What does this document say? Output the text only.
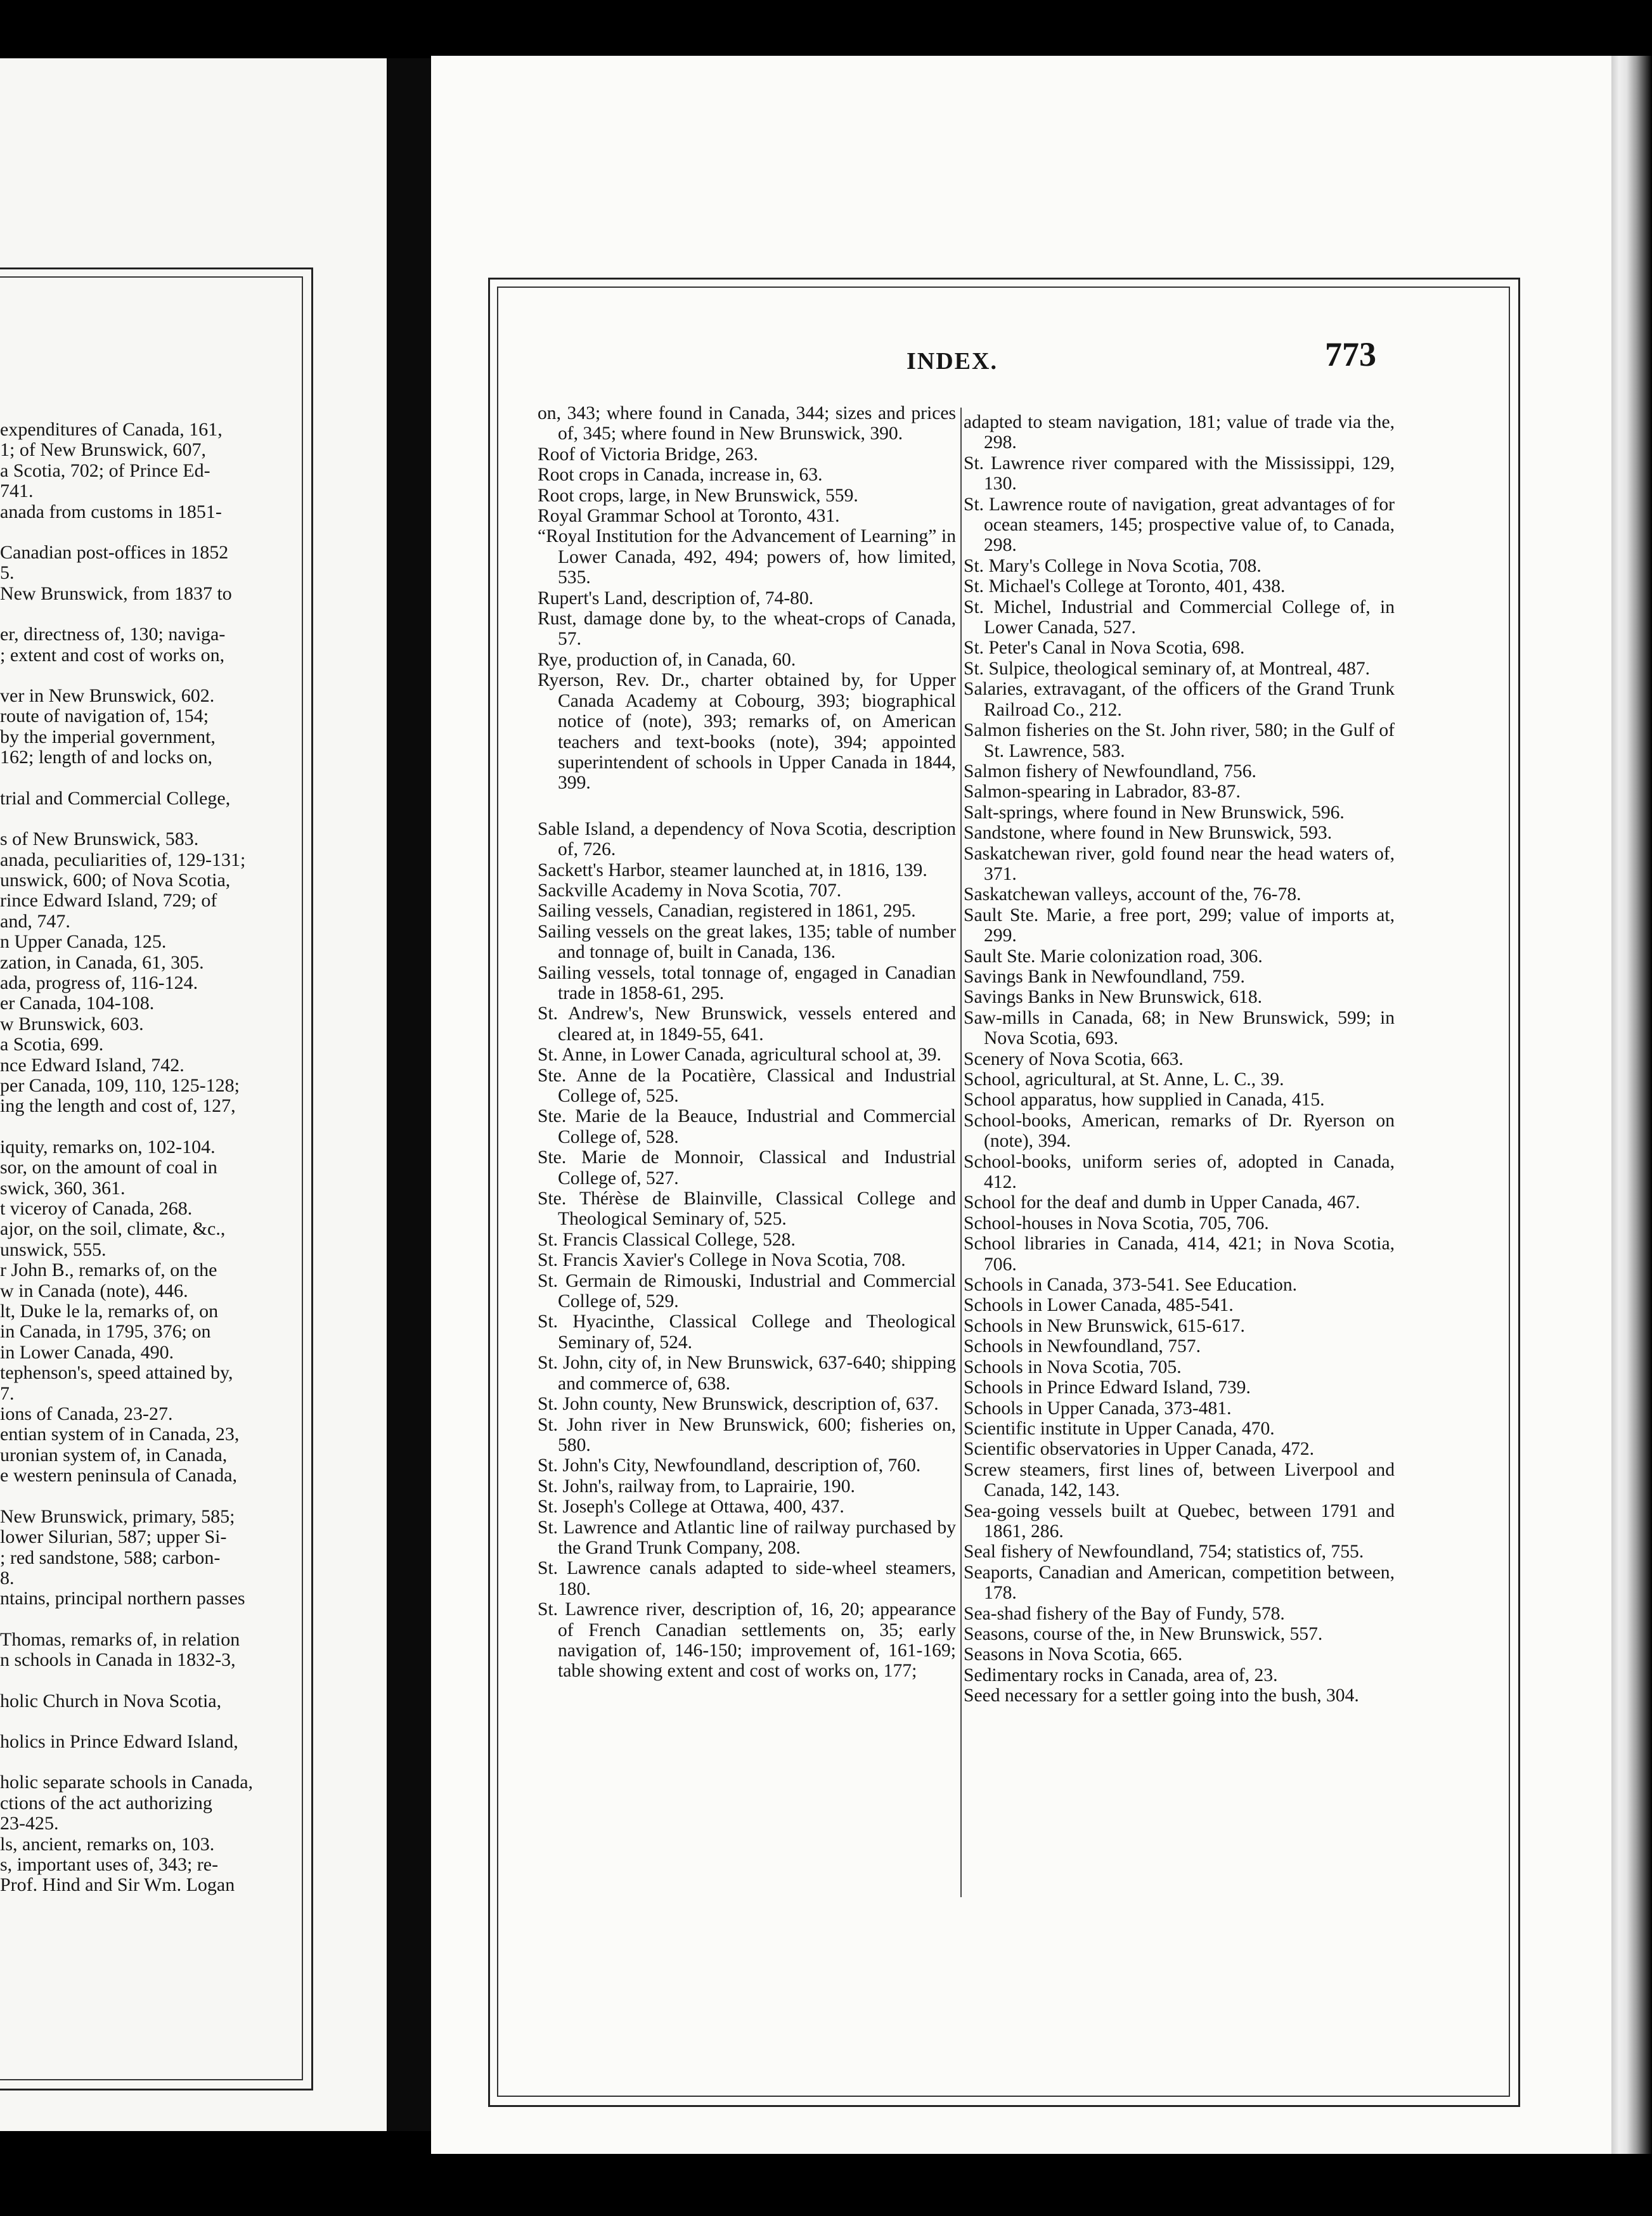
expenditures of Canada, 161,
1; of New Brunswick, 607,
a Scotia, 702; of Prince Ed-
741.
anada from customs in 1851-
Canadian post-offices in 1852
5.
New Brunswick, from 1837 to
er, directness of, 130; naviga-
; extent and cost of works on,
ver in New Brunswick, 602.
route of navigation of, 154;
by the imperial government,
162; length of and locks on,
trial and Commercial College,
s of New Brunswick, 583.
anada, peculiarities of, 129-131;
unswick, 600; of Nova Scotia,
rince Edward Island, 729; of
and, 747.
n Upper Canada, 125.
zation, in Canada, 61, 305.
ada, progress of, 116-124.
er Canada, 104-108.
w Brunswick, 603.
a Scotia, 699.
nce Edward Island, 742.
per Canada, 109, 110, 125-128;
ing the length and cost of, 127,
iquity, remarks on, 102-104.
sor, on the amount of coal in
swick, 360, 361.
t viceroy of Canada, 268.
ajor, on the soil, climate, &c.,
unswick, 555.
r John B., remarks of, on the
w in Canada (note), 446.
lt, Duke le la, remarks of, on
in Canada, in 1795, 376; on
in Lower Canada, 490.
tephenson's, speed attained by,
7.
ions of Canada, 23-27.
entian system of in Canada, 23,
uronian system of, in Canada,
e western peninsula of Canada,
New Brunswick, primary, 585;
lower Silurian, 587; upper Si-
; red sandstone, 588; carbon-
8.
ntains, principal northern passes
Thomas, remarks of, in relation
n schools in Canada in 1832-3,
holic Church in Nova Scotia,
holics in Prince Edward Island,
holic separate schools in Canada,
ctions of the act authorizing
23-425.
ls, ancient, remarks on, 103.
s, important uses of, 343; re-
Prof. Hind and Sir Wm. Logan
INDEX.	773
on, 343; where found in Canada, 344; sizes and prices of, 345; where found in New Brunswick, 390.
Roof of Victoria Bridge, 263.
Root crops in Canada, increase in, 63.
Root crops, large, in New Brunswick, 559.
Royal Grammar School at Toronto, 431.
“Royal Institution for the Advancement of Learning” in Lower Canada, 492, 494; powers of, how limited, 535.
Rupert's Land, description of, 74-80.
Rust, damage done by, to the wheat-crops of Canada, 57.
Rye, production of, in Canada, 60.
Ryerson, Rev. Dr., charter obtained by, for Upper Canada Academy at Cobourg, 393; biographical notice of (note), 393; remarks of, on American teachers and text-books (note), 394; appointed superintendent of schools in Upper Canada in 1844, 399.
Sable Island, a dependency of Nova Scotia, description of, 726.
Sackett's Harbor, steamer launched at, in 1816, 139.
Sackville Academy in Nova Scotia, 707.
Sailing vessels, Canadian, registered in 1861, 295.
Sailing vessels on the great lakes, 135; table of number and tonnage of, built in Canada, 136.
Sailing vessels, total tonnage of, engaged in Canadian trade in 1858-61, 295.
St. Andrew's, New Brunswick, vessels entered and cleared at, in 1849-55, 641.
St. Anne, in Lower Canada, agricultural school at, 39.
Ste. Anne de la Pocatière, Classical and Industrial College of, 525.
Ste. Marie de la Beauce, Industrial and Commercial College of, 528.
Ste. Marie de Monnoir, Classical and Industrial College of, 527.
Ste. Thérèse de Blainville, Classical College and Theological Seminary of, 525.
St. Francis Classical College, 528.
St. Francis Xavier's College in Nova Scotia, 708.
St. Germain de Rimouski, Industrial and Commercial College of, 529.
St. Hyacinthe, Classical College and Theological Seminary of, 524.
St. John, city of, in New Brunswick, 637-640; shipping and commerce of, 638.
St. John county, New Brunswick, description of, 637.
St. John river in New Brunswick, 600; fisheries on, 580.
St. John's City, Newfoundland, description of, 760.
St. John's, railway from, to Laprairie, 190.
St. Joseph's College at Ottawa, 400, 437.
St. Lawrence and Atlantic line of railway purchased by the Grand Trunk Company, 208.
St. Lawrence canals adapted to side-wheel steamers, 180.
St. Lawrence river, description of, 16, 20; appearance of French Canadian settlements on, 35; early navigation of, 146-150; improvement of, 161-169; table showing extent and cost of works on, 177;
adapted to steam navigation, 181; value of trade via the, 298.
St. Lawrence river compared with the Mississippi, 129, 130.
St. Lawrence route of navigation, great advantages of for ocean steamers, 145; prospective value of, to Canada, 298.
St. Mary's College in Nova Scotia, 708.
St. Michael's College at Toronto, 401, 438.
St. Michel, Industrial and Commercial College of, in Lower Canada, 527.
St. Peter's Canal in Nova Scotia, 698.
St. Sulpice, theological seminary of, at Montreal, 487.
Salaries, extravagant, of the officers of the Grand Trunk Railroad Co., 212.
Salmon fisheries on the St. John river, 580; in the Gulf of St. Lawrence, 583.
Salmon fishery of Newfoundland, 756.
Salmon-spearing in Labrador, 83-87.
Salt-springs, where found in New Brunswick, 596.
Sandstone, where found in New Brunswick, 593.
Saskatchewan river, gold found near the head waters of, 371.
Saskatchewan valleys, account of the, 76-78.
Sault Ste. Marie, a free port, 299; value of imports at, 299.
Sault Ste. Marie colonization road, 306.
Savings Bank in Newfoundland, 759.
Savings Banks in New Brunswick, 618.
Saw-mills in Canada, 68; in New Brunswick, 599; in Nova Scotia, 693.
Scenery of Nova Scotia, 663.
School, agricultural, at St. Anne, L. C., 39.
School apparatus, how supplied in Canada, 415.
School-books, American, remarks of Dr. Ryerson on (note), 394.
School-books, uniform series of, adopted in Canada, 412.
School for the deaf and dumb in Upper Canada, 467.
School-houses in Nova Scotia, 705, 706.
School libraries in Canada, 414, 421; in Nova Scotia, 706.
Schools in Canada, 373-541. See Education.
Schools in Lower Canada, 485-541.
Schools in New Brunswick, 615-617.
Schools in Newfoundland, 757.
Schools in Nova Scotia, 705.
Schools in Prince Edward Island, 739.
Schools in Upper Canada, 373-481.
Scientific institute in Upper Canada, 470.
Scientific observatories in Upper Canada, 472.
Screw steamers, first lines of, between Liverpool and Canada, 142, 143.
Sea-going vessels built at Quebec, between 1791 and 1861, 286.
Seal fishery of Newfoundland, 754; statistics of, 755.
Seaports, Canadian and American, competition between, 178.
Sea-shad fishery of the Bay of Fundy, 578.
Seasons, course of the, in New Brunswick, 557.
Seasons in Nova Scotia, 665.
Sedimentary rocks in Canada, area of, 23.
Seed necessary for a settler going into the bush, 304.
